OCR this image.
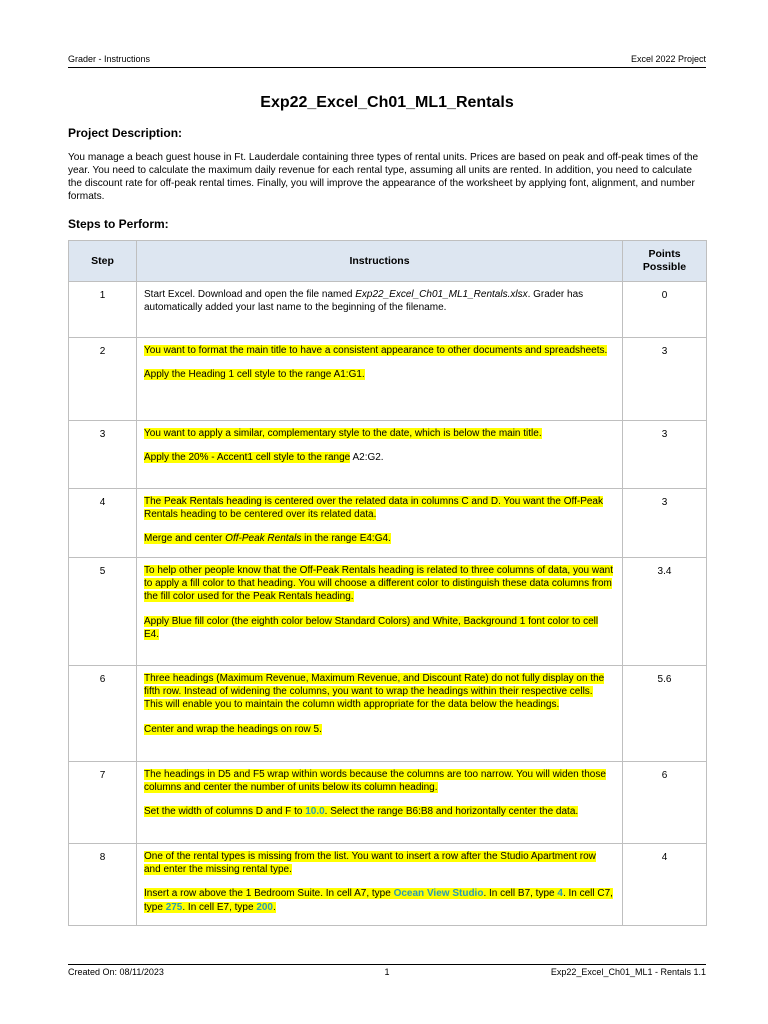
Grader - Instructions	Excel 2022 Project
Exp22_Excel_Ch01_ML1_Rentals
Project Description:
You manage a beach guest house in Ft. Lauderdale containing three types of rental units. Prices are based on peak and off-peak times of the year. You need to calculate the maximum daily revenue for each rental type, assuming all units are rented. In addition, you need to calculate the discount rate for off-peak rental times. Finally, you will improve the appearance of the worksheet by applying font, alignment, and number formats.
Steps to Perform:
Step	Instructions	Points
Possible
1	Start Excel. Download and open the file named Exp22_Excel_Ch01_ML1_Rentals.xlsx. Grader has automatically added your last name to the beginning of the filename.	0
2	You want to format the main title to have a consistent appearance to other documents and spreadsheets.

Apply the Heading 1 cell style to the range A1:G1.	3
3	You want to apply a similar, complementary style to the date, which is below the main title.

Apply the 20% - Accent1 cell style to the range A2:G2.	3
4	The Peak Rentals heading is centered over the related data in columns C and D. You want the Off-Peak Rentals heading to be centered over its related data.

Merge and center Off-Peak Rentals in the range E4:G4.	3
5	To help other people know that the Off-Peak Rentals heading is related to three columns of data, you want to apply a fill color to that heading. You will choose a different color to distinguish these data columns from the fill color used for the Peak Rentals heading.

Apply Blue fill color (the eighth color below Standard Colors) and White, Background 1 font color to cell E4.	3.4
6	Three headings (Maximum Revenue, Maximum Revenue, and Discount Rate) do not fully display on the fifth row. Instead of widening the columns, you want to wrap the headings within their respective cells. This will enable you to maintain the column width appropriate for the data below the headings.

Center and wrap the headings on row 5.	5.6
7	The headings in D5 and F5 wrap within words because the columns are too narrow. You will widen those columns and center the number of units below its column heading.

Set the width of columns D and F to 10.0. Select the range B6:B8 and horizontally center the data.	6
8	One of the rental types is missing from the list. You want to insert a row after the Studio Apartment row and enter the missing rental type.

Insert a row above the 1 Bedroom Suite. In cell A7, type Ocean View Studio. In cell B7, type 4. In cell C7, type 275. In cell E7, type 200.	4
Created On: 08/11/2023	1	Exp22_Excel_Ch01_ML1 - Rentals 1.1
